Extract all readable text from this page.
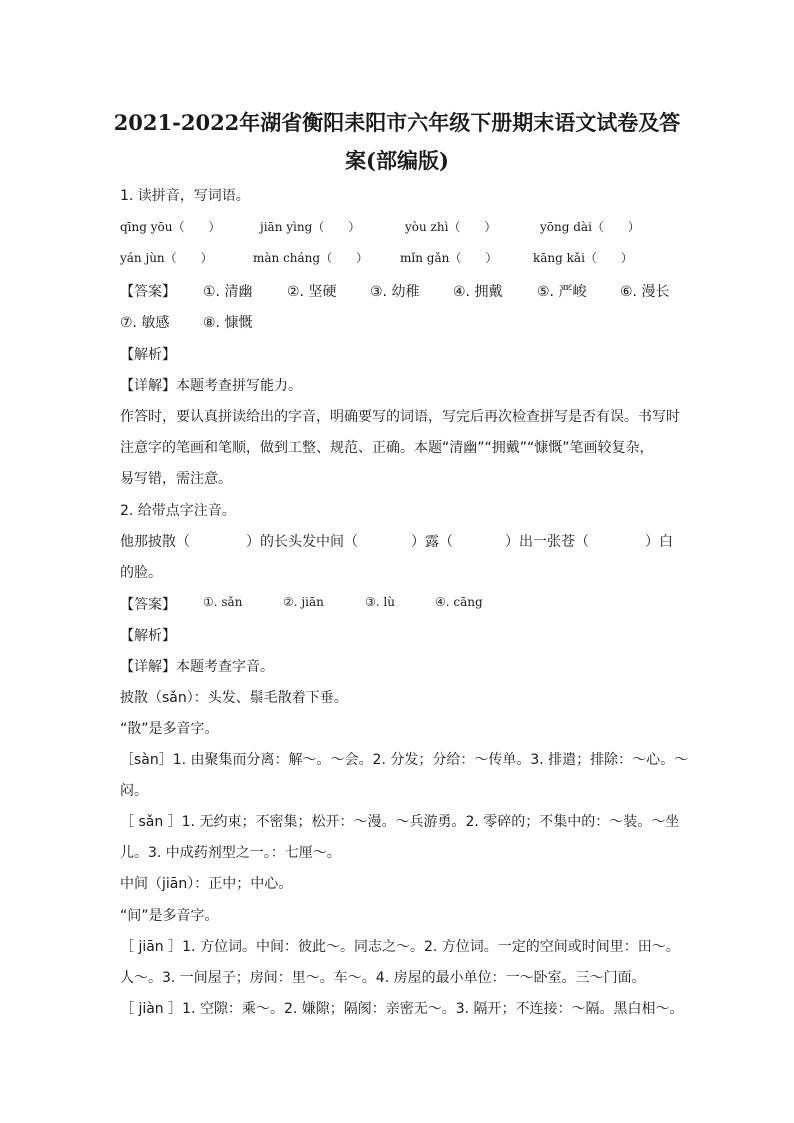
2021-2022年湖省衡阳耒阳市六年级下册期末语文试卷及答
案(部编版)
1. 读拼音，写词语。
qīng yōu（　　）	jiān yìng（　　）	yòu zhì（　　）	yōng dài（　　）
yán jùn（　　）	màn cháng（　　）	mǐn gǎn（　　）	kāng kǎi（　　）
【答案】 ①. 清幽 ②. 坚硬 ③. 幼稚 ④. 拥戴 ⑤. 严峻 ⑥. 漫长
⑦. 敏感 ⑧. 慷慨
【解析】
【详解】本题考查拼写能力。
作答时，要认真拼读给出的字音，明确要写的词语，写完后再次检查拼写是否有误。书写时
注意字的笔画和笔顺，做到工整、规范、正确。本题“清幽”“拥戴”“慷慨”笔画较复杂，
易写错，需注意。
2. 给带点字注音。
他那披散（	）的长头发中间（	）露（	）出一张苍（	）白
的脸。
【答案】 ①. sǎn	②. jiān	③. lù	④. cāng
【解析】
【详解】本题考查字音。
披散（sǎn）：头发、鬃毛散着下垂。
“散”是多音字。
［sàn］1. 由聚集而分离：解～。～会。2. 分发；分给：～传单。3. 排遣；排除：～心。～
闷。
［ sǎn ］1. 无约束；不密集；松开：～漫。～兵游勇。2. 零碎的；不集中的：～装。～坐
儿。3. 中成药剂型之一。：七厘～。
中间（jiān）：正中；中心。
“间”是多音字。
［ jiān ］1. 方位词。中间：彼此～。同志之～。2. 方位词。一定的空间或时间里：田～。
人～。3. 一间屋子；房间：里～。车～。4. 房屋的最小单位：一～卧室。三～门面。
［ jiàn ］1. 空隙：乘～。2. 嫌隙；隔阂：亲密无～。3. 隔开；不连接：～隔。黑白相～。
